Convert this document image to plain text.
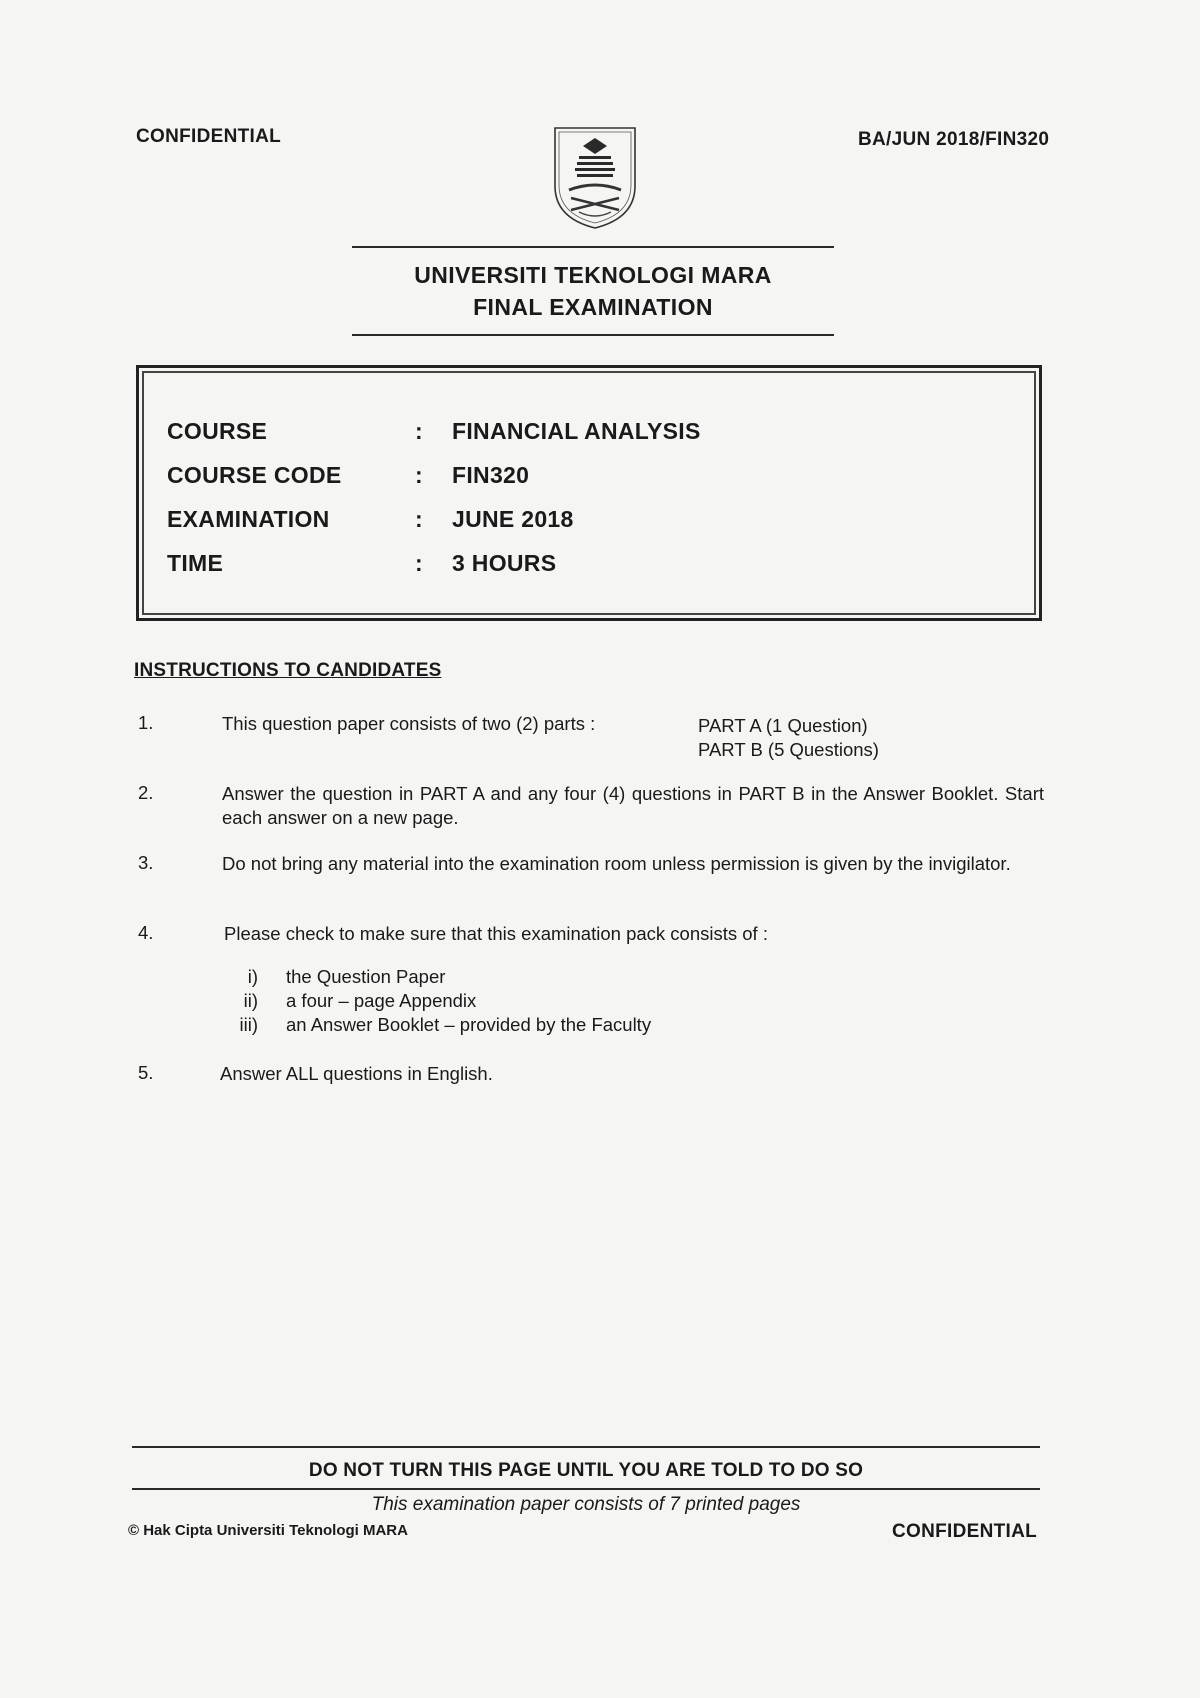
CONFIDENTIAL	BA/JUN 2018/FIN320
UNIVERSITI TEKNOLOGI MARA
FINAL EXAMINATION
COURSE	: FINANCIAL ANALYSIS
COURSE CODE	: FIN320
EXAMINATION	: JUNE 2018
TIME	: 3 HOURS
INSTRUCTIONS TO CANDIDATES
1.	This question paper consists of two (2) parts :	PART A (1 Question)
PART B (5 Questions)
2.	Answer the question in PART A and any four (4) questions in PART B in the Answer Booklet. Start each answer on a new page.
3.	Do not bring any material into the examination room unless permission is given by the invigilator.
4.	Please check to make sure that this examination pack consists of :
i) the Question Paper
ii) a four – page Appendix
iii) an Answer Booklet – provided by the Faculty
5.	Answer ALL questions in English.
DO NOT TURN THIS PAGE UNTIL YOU ARE TOLD TO DO SO
This examination paper consists of 7 printed pages
© Hak Cipta Universiti Teknologi MARA	CONFIDENTIAL
